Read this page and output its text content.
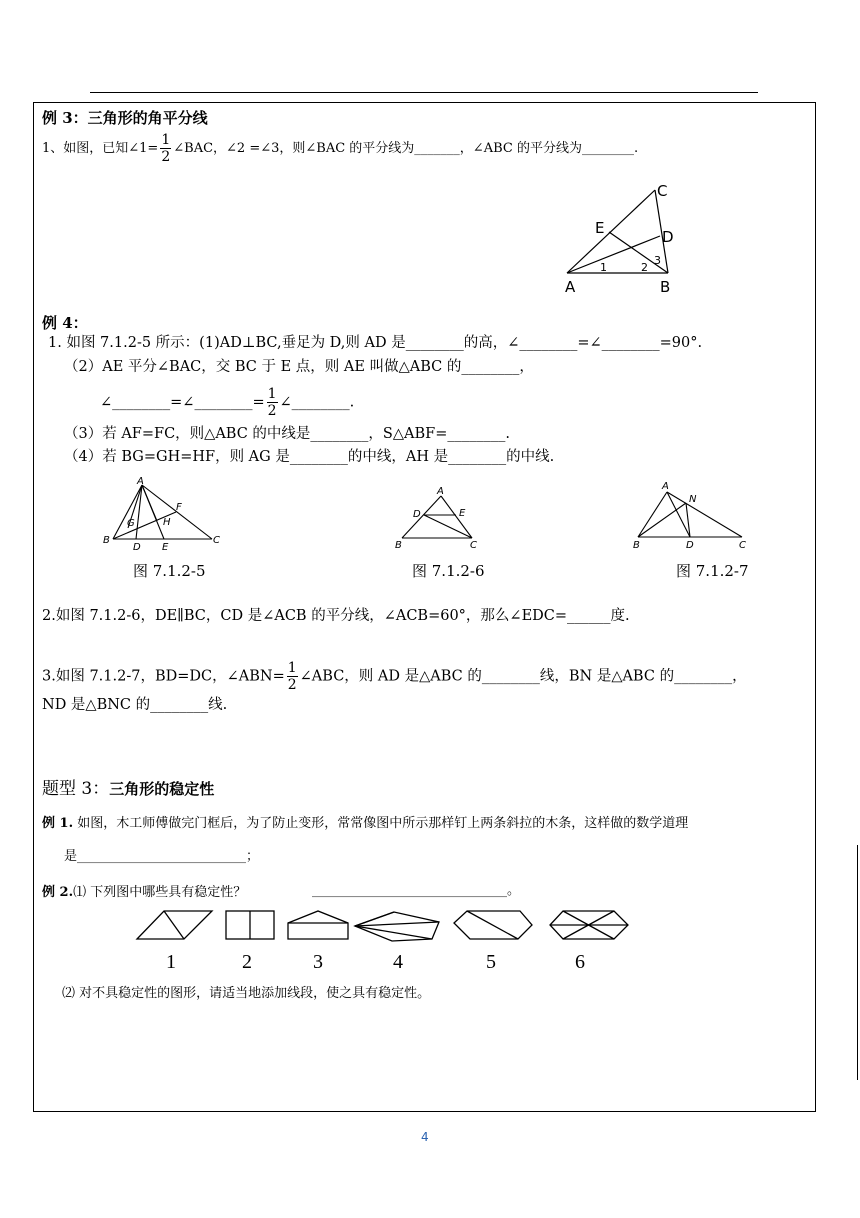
例 3：三角形的角平分线
1、如图，已知∠1= $\frac{1}{2}$ ∠BAC，∠2 =∠3，则∠BAC 的平分线为_______，∠ABC 的平分线为________.
C
D
E
A	B
1	2
3
A
B	C
D E
F
G	H
A
B	C
D	E
A
B	C
D
N
例 4：
1. 如图 7.1.2-5 所示：(1)AD⊥BC,垂足为 D,则 AD 是________的高，∠________=∠________=90°.
（2）AE 平分∠BAC，交 BC 于 E 点，则 AE 叫做△ABC 的________，
∠________=∠________= $\frac{1}{2}$ ∠________.
（3）若 AF=FC，则△ABC 的中线是________，S△ABF=________.
（4）若 BG=GH=HF，则 AG 是________的中线，AH 是________的中线.
图 7.1.2-5	图 7.1.2-6	图 7.1.2-7
2.如图 7.1.2-6，DE∥BC，CD 是∠ACB 的平分线，∠ACB=60°，那么∠EDC=______度.
3.如图 7.1.2-7，BD=DC，∠ABN= $\frac{1}{2}$ ∠ABC，则 AD 是△ABC 的________线，BN 是△ABC 的________，
ND 是△BNC 的________线.
题型 3：三角形的稳定性
例 1. 如图，木工师傅做完门框后，为了防止变形，常常像图中所示那样钉上两条斜拉的木条，这样做的数学道理
是__________________________；
例 2.⑴ 下列图中哪些具有稳定性？	______________________________。
1	2	3	4	5	6
⑵ 对不具稳定性的图形，请适当地添加线段，使之具有稳定性。
4
